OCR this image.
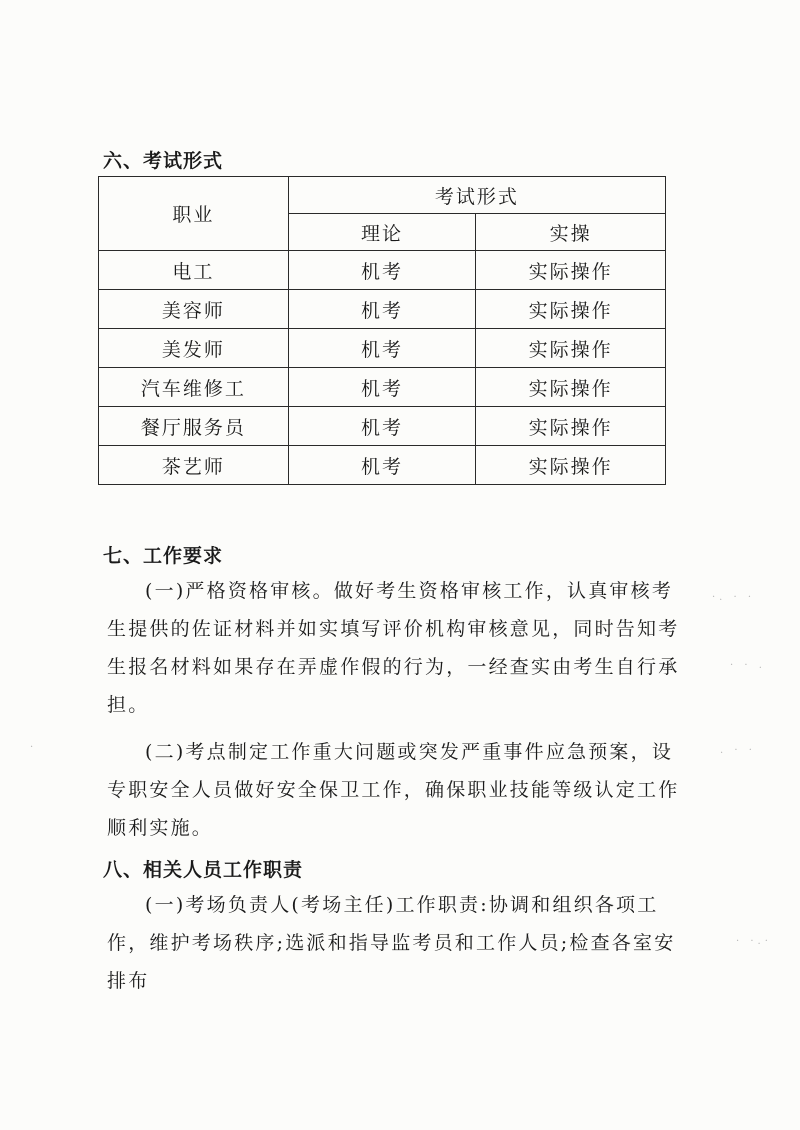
六、考试形式
职业	考试形式	
	理论	实操
电工	机考	实际操作
美容师	机考	实际操作
美发师	机考	实际操作
汽车维修工	机考	实际操作
餐厅服务员	机考	实际操作
茶艺师	机考	实际操作
七、工作要求

(一)严格资格审核。做好考生资格审核工作，认真审核考生提供的佐证材料并如实填写评价机构审核意见，同时告知考生报名材料如果存在弄虚作假的行为，一经查实由考生自行承担。

(二)考点制定工作重大问题或突发严重事件应急预案，设专职安全人员做好安全保卫工作，确保职业技能等级认定工作顺利实施。

八、相关人员工作职责

(一)考场负责人(考场主任)工作职责:协调和组织各项工作，维护考场秩序;选派和指导监考员和工作人员;检查各室安排布

·. · ·
· · .
. · ·
· ·.·
·
